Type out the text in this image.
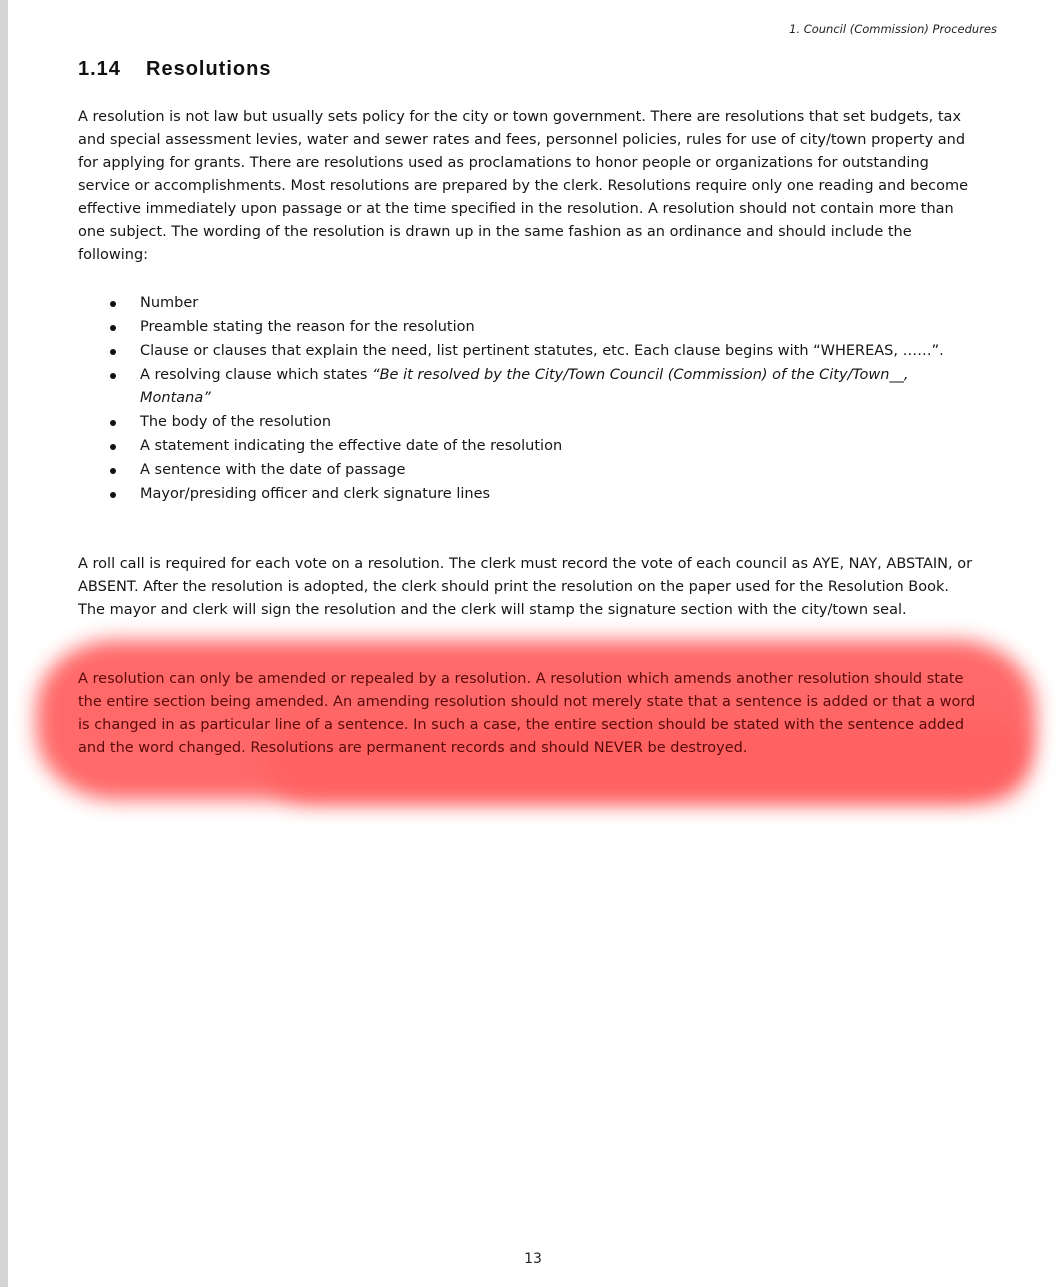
1. Council (Commission) Procedures
1.14 Resolutions

A resolution is not law but usually sets policy for the city or town government. There are resolutions that set budgets, tax and special assessment levies, water and sewer rates and fees, personnel policies, rules for use of city/town property and for applying for grants. There are resolutions used as proclamations to honor people or organizations for outstanding service or accomplishments. Most resolutions are prepared by the clerk. Resolutions require only one reading and become effective immediately upon passage or at the time specified in the resolution. A resolution should not contain more than one subject. The wording of the resolution is drawn up in the same fashion as an ordinance and should include the following:

Number
Preamble stating the reason for the resolution
Clause or clauses that explain the need, list pertinent statutes, etc. Each clause begins with “WHEREAS, ……”.
A resolving clause which states “Be it resolved by the City/Town Council (Commission) of the City/Town__, Montana”
The body of the resolution
A statement indicating the effective date of the resolution
A sentence with the date of passage
Mayor/presiding officer and clerk signature lines

A roll call is required for each vote on a resolution. The clerk must record the vote of each council as AYE, NAY, ABSTAIN, or ABSENT. After the resolution is adopted, the clerk should print the resolution on the paper used for the Resolution Book. The mayor and clerk will sign the resolution and the clerk will stamp the signature section with the city/town seal.

A resolution can only be amended or repealed by a resolution. A resolution which amends another resolution should state the entire section being amended. An amending resolution should not merely state that a sentence is added or that a word is changed in as particular line of a sentence. In such a case, the entire section should be stated with the sentence added and the word changed. Resolutions are permanent records and should NEVER be destroyed.

13
